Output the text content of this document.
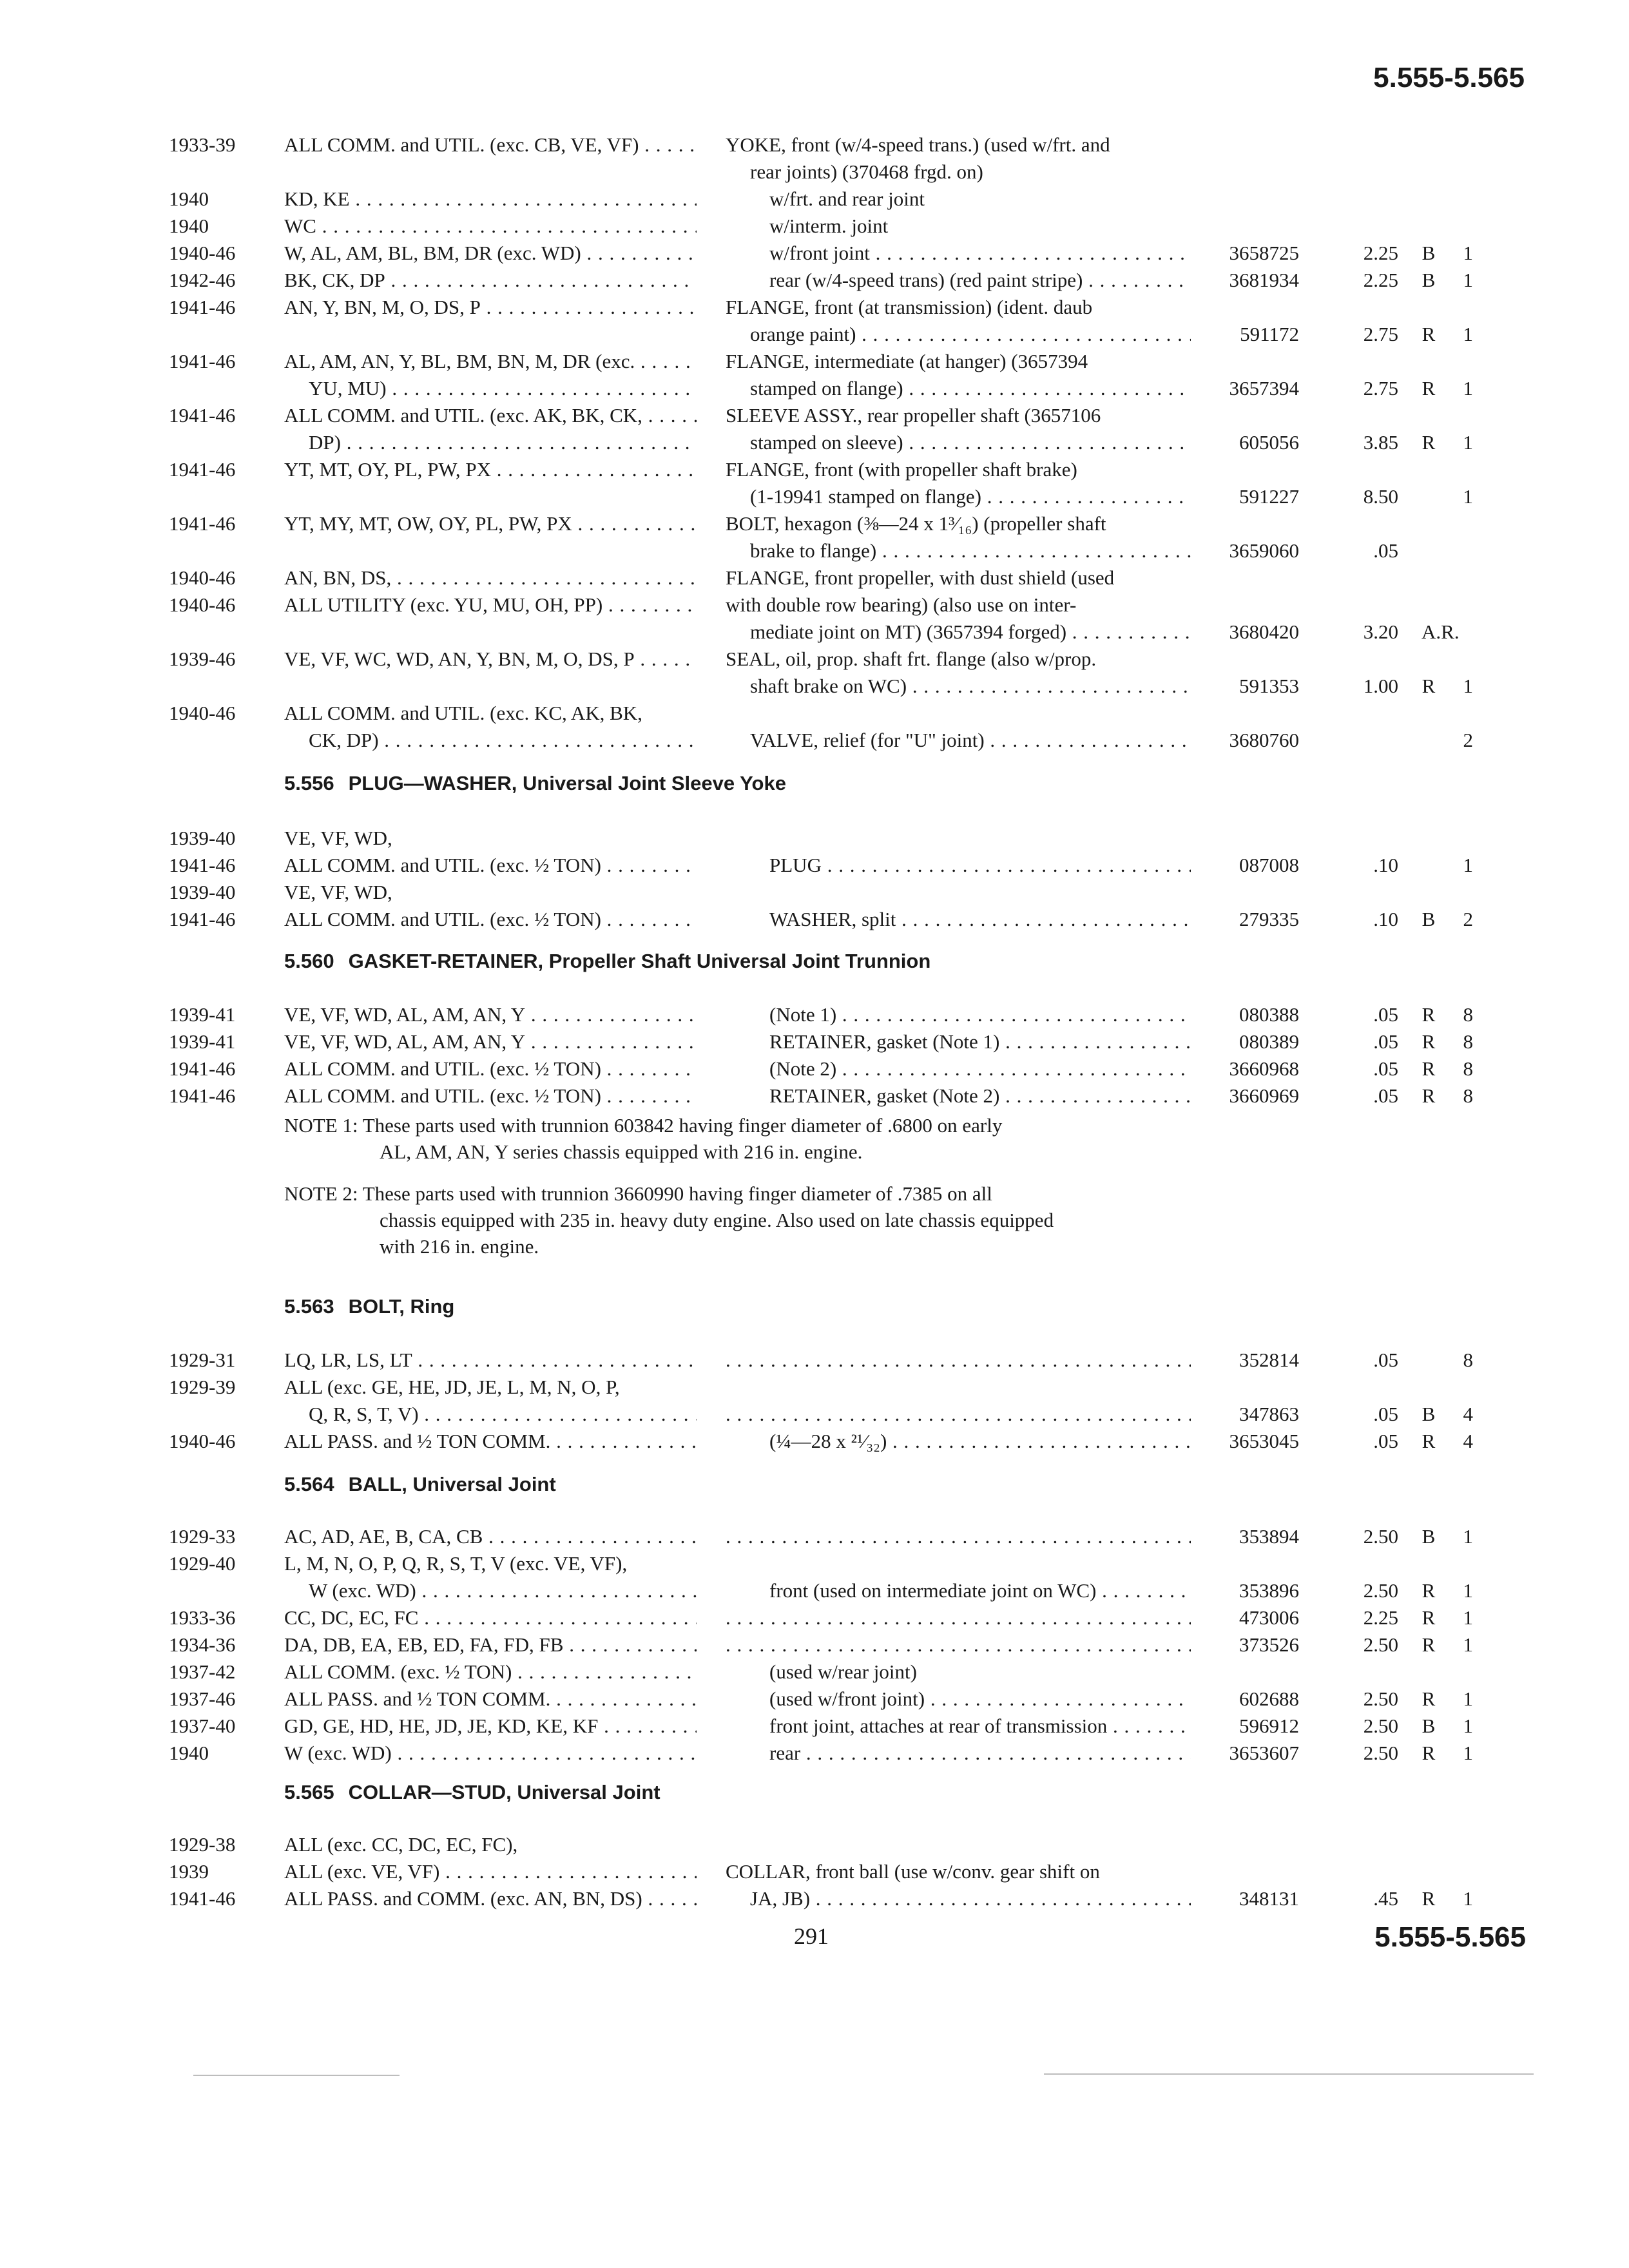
5.555-5.565
1933-39 ALL COMM. and UTIL. (exc. CB, VE, VF) . . .	YOKE, front (w/4-speed trans.) (used w/frt. and
rear joints) (370468 frgd. on)
1940	KD, KE . . .	w/frt. and rear joint
1940	WC . . .	w/interm. joint
1940-46 W, AL, AM, BL, BM, DR (exc. WD) . . .	w/front joint . . .	3658725	2.25 B	1
1942-46 BK, CK, DP . . .	rear (w/4-speed trans) (red paint stripe) . . .	3681934	2.25 B	1
1941-46 AN, Y, BN, M, O, DS, P . . .	FLANGE, front (at transmission) (ident. daub
orange paint) . . .	591172	2.75 R	1
1941-46 AL, AM, AN, Y, BL, BM, BN, M, DR (exc. . . .	FLANGE, intermediate (at hanger) (3657394
YU, MU) . . .	stamped on flange) . . .	3657394	2.75 R	1
1941-46 ALL COMM. and UTIL. (exc. AK, BK, CK, . . .	SLEEVE ASSY., rear propeller shaft (3657106
DP) . . .	stamped on sleeve) . . .	605056	3.85 R	1
1941-46 YT, MT, OY, PL, PW, PX . . .	FLANGE, front (with propeller shaft brake)
(1-19941 stamped on flange) . . .	591227	8.50	1
1941-46 YT, MY, MT, OW, OY, PL, PW, PX . . .	BOLT, hexagon (⅜—24 x 1³⁄₁₆) (propeller shaft
brake to flange) . . .	3659060	.05
1940-46 AN, BN, DS, . . .	FLANGE, front propeller, with dust shield (used
1940-46 ALL UTILITY (exc. YU, MU, OH, PP) . . .	with double row bearing) (also use on inter-
mediate joint on MT) (3657394 forged) . . .	3680420	3.20 A.R.
1939-46 VE, VF, WC, WD, AN, Y, BN, M, O, DS, P . . .	SEAL, oil, prop. shaft frt. flange (also w/prop.
shaft brake on WC) . . .	591353	1.00 R	1
1940-46 ALL COMM. and UTIL. (exc. KC, AK, BK,
CK, DP) . . .	VALVE, relief (for "U" joint) . . .	3680760	2
1939-40 VE, VF, WD,
1941-46 ALL COMM. and UTIL. (exc. ½ TON) . . .	PLUG . . .	087008	.10	1
1939-40 VE, VF, WD,
1941-46 ALL COMM. and UTIL. (exc. ½ TON) . . .	WASHER, split . . .	279335	.10 B	2
1939-41 VE, VF, WD, AL, AM, AN, Y . . .	(Note 1) . . .	080388	.05 R	8
1939-41 VE, VF, WD, AL, AM, AN, Y . . .	RETAINER, gasket (Note 1) . . .	080389	.05 R	8
1941-46 ALL COMM. and UTIL. (exc. ½ TON) . . .	(Note 2) . . .	3660968	.05 R	8
1941-46 ALL COMM. and UTIL. (exc. ½ TON) . . .	RETAINER, gasket (Note 2) . . .	3660969	.05 R	8
1929-31 LQ, LR, LS, LT . . . . . .	352814	.05	8
1929-39 ALL (exc. GE, HE, JD, JE, L, M, N, O, P,
Q, R, S, T, V) . . . . . .	347863	.05 B	4
1940-46 ALL PASS. and ½ TON COMM. . . .	(¼—28 x ²¹⁄₃₂) . . .	3653045	.05 R	4
1929-33 AC, AD, AE, B, CA, CB . . . . . .	353894	2.50 B	1
1929-40 L, M, N, O, P, Q, R, S, T, V (exc. VE, VF),
W (exc. WD) . . .	front (used on intermediate joint on WC) . . .	353896	2.50 R	1
1933-36 CC, DC, EC, FC . . . . . .	473006	2.25 R	1
1934-36 DA, DB, EA, EB, ED, FA, FD, FB . . . . . .	373526	2.50 R	1
1937-42 ALL COMM. (exc. ½ TON) . . .	(used w/rear joint)
1937-46 ALL PASS. and ½ TON COMM. . . .	(used w/front joint) . . .	602688	2.50 R	1
1937-40 GD, GE, HD, HE, JD, JE, KD, KE, KF . . .	front joint, attaches at rear of transmission . . .	596912	2.50 B	1
1940	W (exc. WD) . . .	rear . . .	3653607	2.50 R	1
1929-38 ALL (exc. CC, DC, EC, FC),
1939	ALL (exc. VE, VF) . . .	COLLAR, front ball (use w/conv. gear shift on
1941-46 ALL PASS. and COMM. (exc. AN, BN, DS) . . .	JA, JB) . . .	348131	.45 R	1
5.556 PLUG—WASHER, Universal Joint Sleeve Yoke
5.560 GASKET-RETAINER, Propeller Shaft Universal Joint Trunnion
NOTE 1: These parts used with trunnion 603842 having finger diameter of .6800 on early
AL, AM, AN, Y series chassis equipped with 216 in. engine.
NOTE 2: These parts used with trunnion 3660990 having finger diameter of .7385 on all
chassis equipped with 235 in. heavy duty engine. Also used on late chassis equipped
with 216 in. engine.
5.563 BOLT, Ring
5.564 BALL, Universal Joint
5.565 COLLAR—STUD, Universal Joint
291	5.555-5.565
